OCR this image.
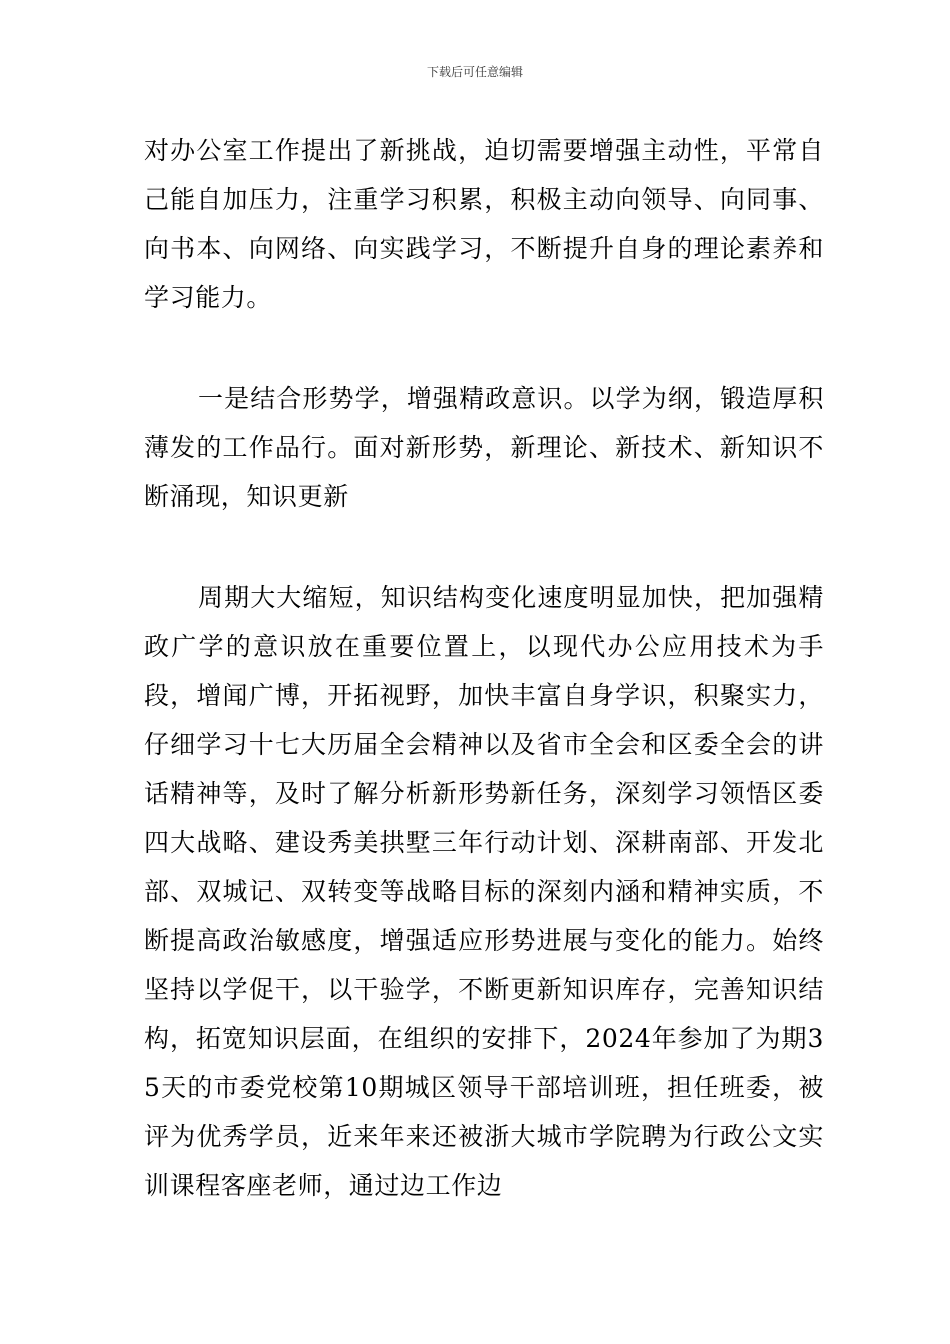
下载后可任意编辑

对办公室工作提出了新挑战，迫切需要增强主动性，平常自己能自加压力，注重学习积累，积极主动向领导、向同事、向书本、向网络、向实践学习，不断提升自身的理论素养和学习能力。

一是结合形势学，增强精政意识。以学为纲，锻造厚积薄发的工作品行。面对新形势，新理论、新技术、新知识不断涌现，知识更新

周期大大缩短，知识结构变化速度明显加快，把加强精政广学的意识放在重要位置上，以现代办公应用技术为手段，增闻广博，开拓视野，加快丰富自身学识，积聚实力，仔细学习十七大历届全会精神以及省市全会和区委全会的讲话精神等，及时了解分析新形势新任务，深刻学习领悟区委四大战略、建设秀美拱墅三年行动计划、深耕南部、开发北部、双城记、双转变等战略目标的深刻内涵和精神实质，不断提高政治敏感度，增强适应形势进展与变化的能力。始终坚持以学促干，以干验学，不断更新知识库存，完善知识结构，拓宽知识层面，在组织的安排下，2024年参加了为期35天的市委党校第10期城区领导干部培训班，担任班委，被评为优秀学员，近来年来还被浙大城市学院聘为行政公文实训课程客座老师，通过边工作边
